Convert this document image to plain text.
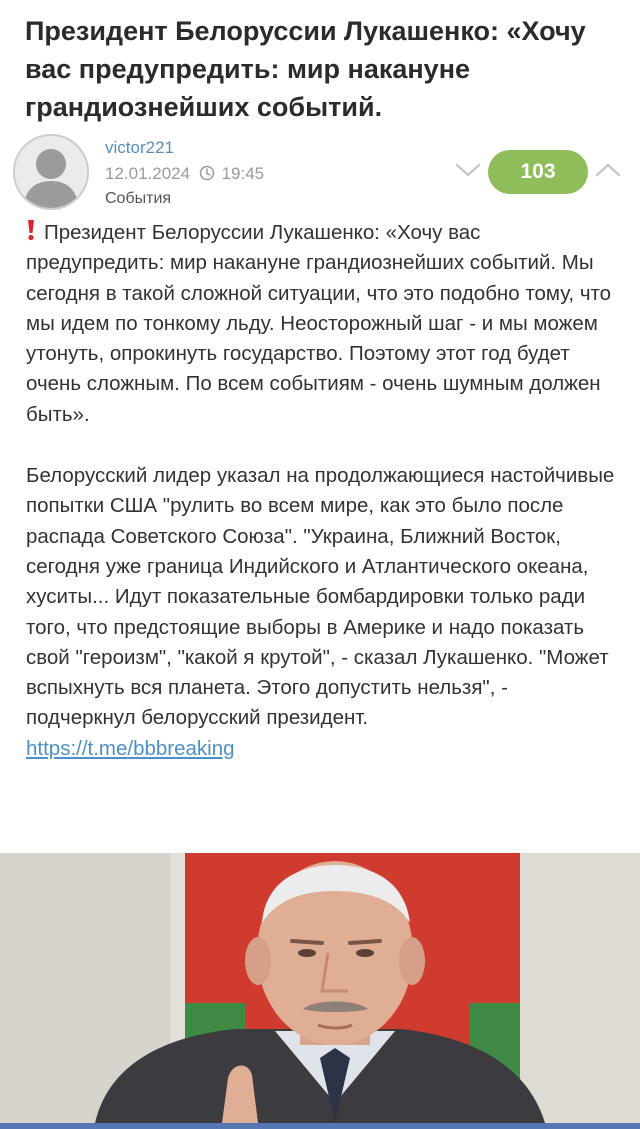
Президент Белоруссии Лукашенко: «Хочу вас предупредить: мир накануне грандиознейших событий.
victor221
12.01.2024 19:45
События
103

Президент Белоруссии Лукашенко: «Хочу вас предупредить: мир накануне грандиознейших событий. Мы сегодня в такой сложной ситуации, что это подобно тому, что мы идем по тонкому льду. Неосторожный шаг - и мы можем утонуть, опрокинуть государство. Поэтому этот год будет очень сложным. По всем событиям - очень шумным должен быть».

Белорусский лидер указал на продолжающиеся настойчивые попытки США "рулить во всем мире, как это было после распада Советского Союза". "Украина, Ближний Восток, сегодня уже граница Индийского и Атлантического океана, хуситы... Идут показательные бомбардировки только ради того, что предстоящие выборы в Америке и надо показать свой "героизм", "какой я крутой", - сказал Лукашенко. "Может вспыхнуть вся планета. Этого допустить нельзя", - подчеркнул белорусский президент.
https://t.me/bbbreaking
